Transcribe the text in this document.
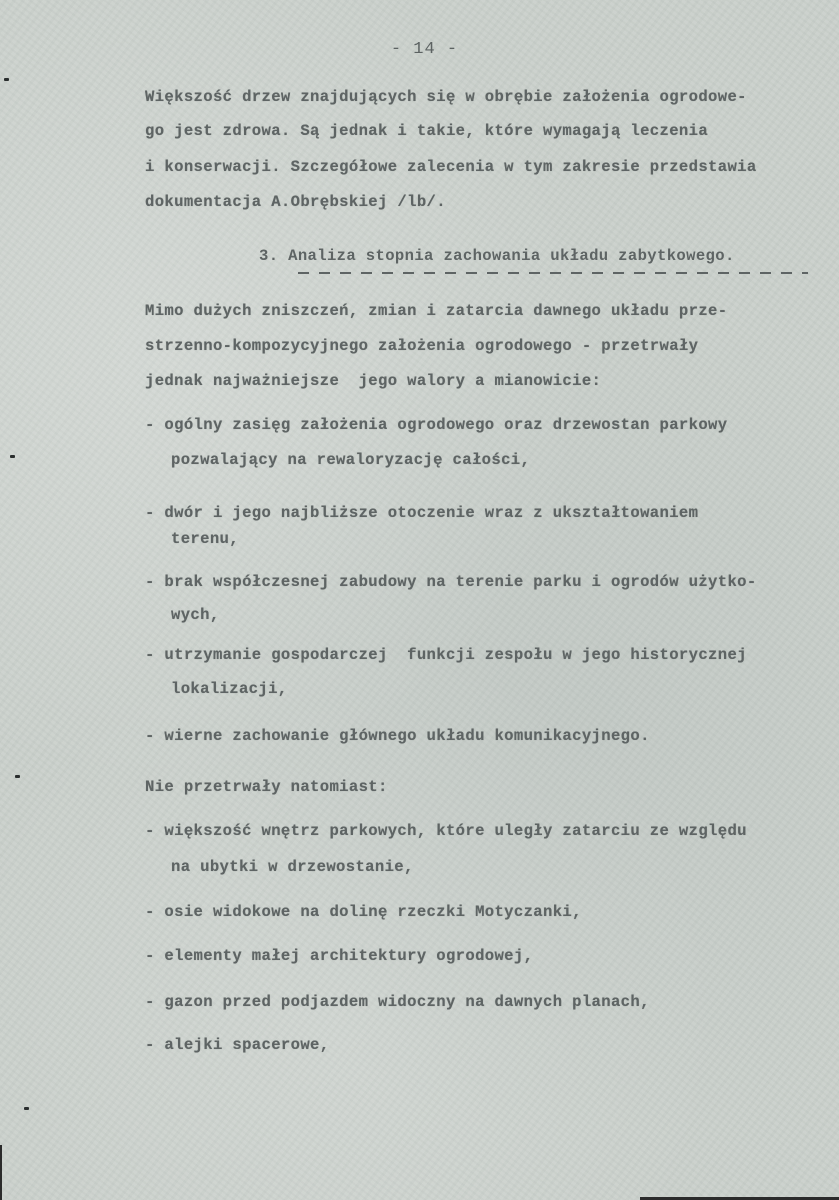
- 14 -
Większość drzew znajdujących się w obrębie założenia ogrodowe-
go jest zdrowa. Są jednak i takie, które wymagają leczenia
i konserwacji. Szczegółowe zalecenia w tym zakresie przedstawia
dokumentacja A.Obrębskiej /lb/.
3. Analiza stopnia zachowania układu zabytkowego.
Mimo dużych zniszczeń, zmian i zatarcia dawnego układu prze-
strzenno-kompozycyjnego założenia ogrodowego - przetrwały
jednak najważniejsze  jego walory a mianowicie:
- ogólny zasięg założenia ogrodowego oraz drzewostan parkowy
pozwalający na rewaloryzację całości,
- dwór i jego najbliższe otoczenie wraz z ukształtowaniem
terenu,
- brak współczesnej zabudowy na terenie parku i ogrodów użytko-
wych,
- utrzymanie gospodarczej  funkcji zespołu w jego historycznej
lokalizacji,
- wierne zachowanie głównego układu komunikacyjnego.
Nie przetrwały natomiast:
- większość wnętrz parkowych, które uległy zatarciu ze względu
na ubytki w drzewostanie,
- osie widokowe na dolinę rzeczki Motyczanki,
- elementy małej architektury ogrodowej,
- gazon przed podjazdem widoczny na dawnych planach,
- alejki spacerowe,
